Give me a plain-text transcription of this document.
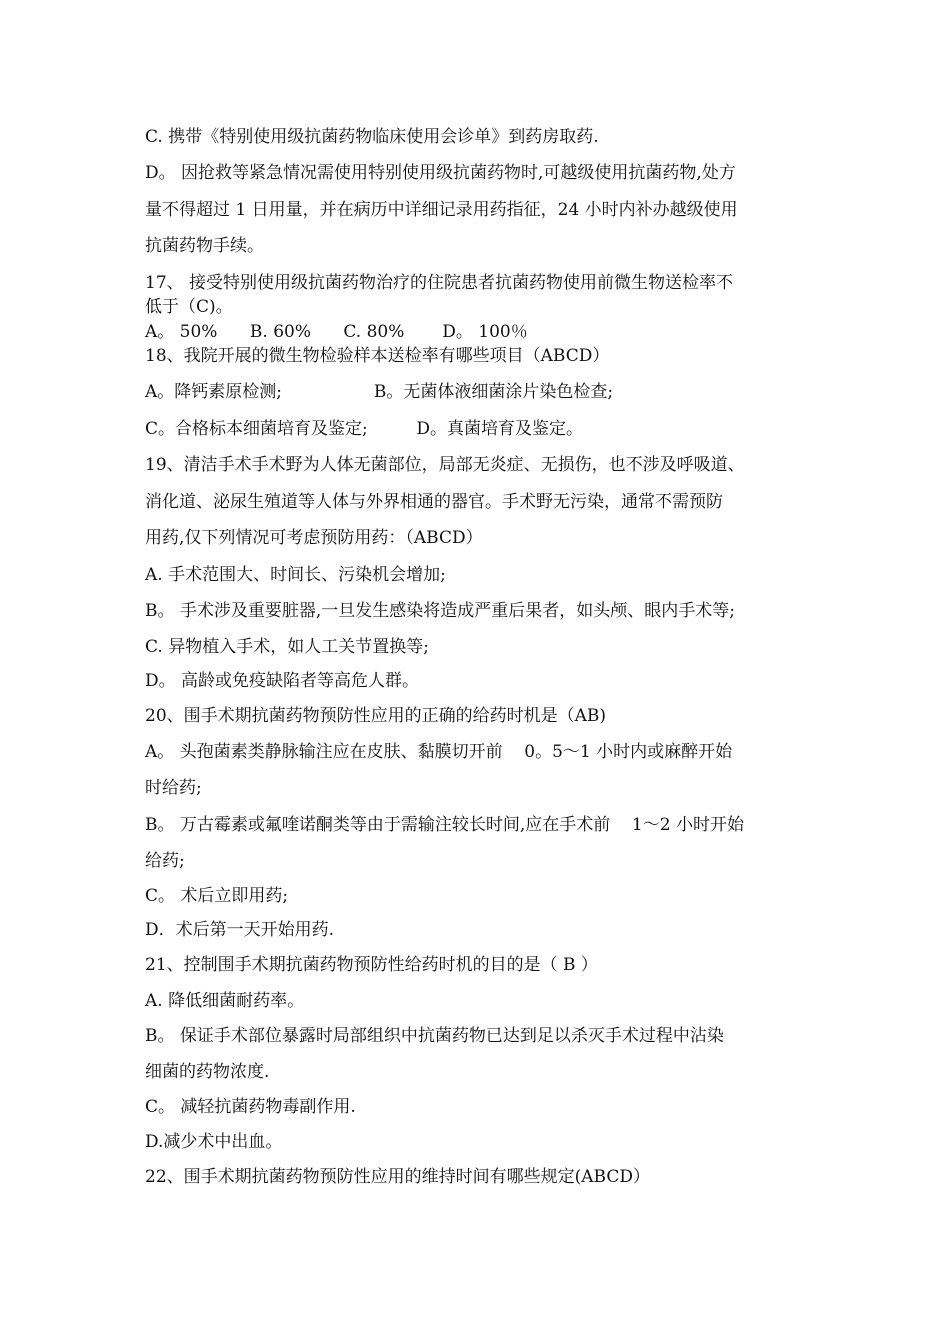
C. 携带《特别使用级抗菌药物临床使用会诊单》到药房取药.
D。 因抢救等紧急情况需使用特别使用级抗菌药物时,可越级使用抗菌药物,处方
量不得超过 1 日用量，并在病历中详细记录用药指征，24 小时内补办越级使用
抗菌药物手续。
17、 接受特别使用级抗菌药物治疗的住院患者抗菌药物使用前微生物送检率不
低于（C)。
A。 50%      B. 60%      C. 80%       D。 100％
18、我院开展的微生物检验样本送检率有哪些项目（ABCD）
A。降钙素原检测;                 B。无菌体液细菌涂片染色检查;
C。合格标本细菌培育及鉴定;         D。真菌培育及鉴定。
19、清洁手术手术野为人体无菌部位，局部无炎症、无损伤，也不涉及呼吸道、
消化道、泌尿生殖道等人体与外界相通的器官。手术野无污染，通常不需预防
用药,仅下列情况可考虑预防用药：（ABCD）
A. 手术范围大、时间长、污染机会增加;
B。 手术涉及重要脏器,一旦发生感染将造成严重后果者，如头颅、眼内手术等;
C. 异物植入手术，如人工关节置换等;
D。 高龄或免疫缺陷者等高危人群。
20、围手术期抗菌药物预防性应用的正确的给药时机是（AB)
A。 头孢菌素类静脉输注应在皮肤、黏膜切开前    0。5～1 小时内或麻醉开始
时给药;
B。 万古霉素或氟喹诺酮类等由于需输注较长时间,应在手术前    1～2 小时开始
给药;
C。 术后立即用药;
D．术后第一天开始用药.
21、控制围手术期抗菌药物预防性给药时机的目的是（ B ）
A. 降低细菌耐药率。
B。 保证手术部位暴露时局部组织中抗菌药物已达到足以杀灭手术过程中沾染
细菌的药物浓度.
C。 减轻抗菌药物毒副作用.
D.减少术中出血。
22、围手术期抗菌药物预防性应用的维持时间有哪些规定(ABCD）
